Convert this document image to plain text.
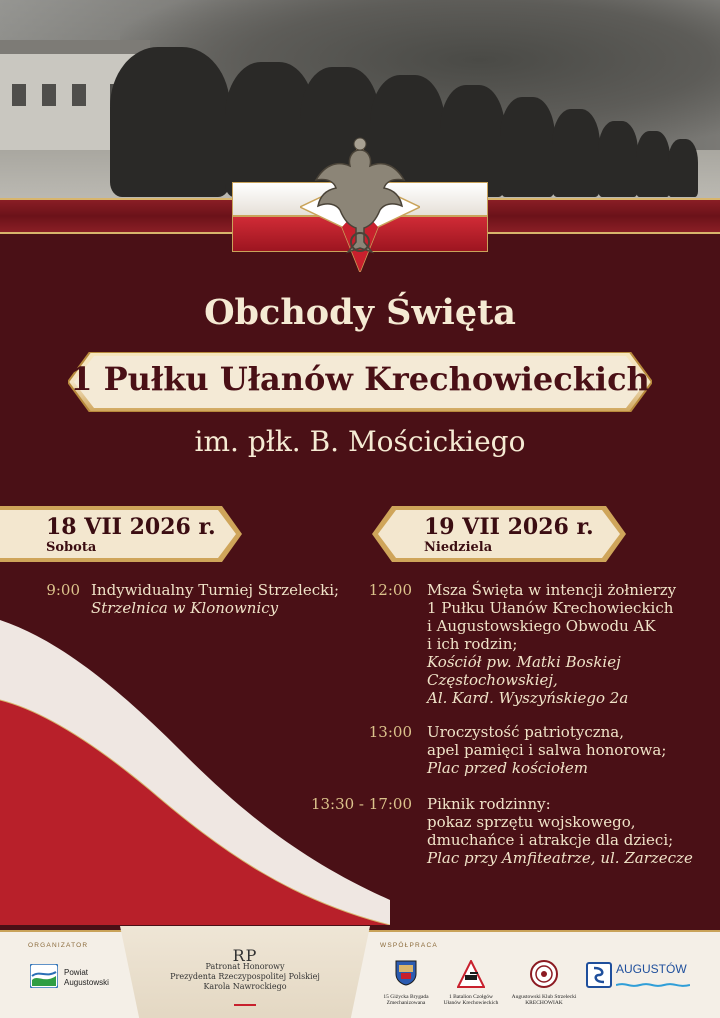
Obchody Święta
1 Pułku Ułanów Krechowieckich
im. płk. B. Mościckiego
18 VII 2026 r.
Sobota
19 VII 2026 r.
Niedziela
9:00 Indywidualny Turniej Strzelecki;
Strzelnica w Klonownicy
12:00 Msza Święta w intencji żołnierzy
1 Pułku Ułanów Krechowieckich
i Augustowskiego Obwodu AK
i ich rodzin;
Kościół pw. Matki Boskiej
Częstochowskiej,
Al. Kard. Wyszyńskiego 2a
13:00 Uroczystość patriotyczna,
apel pamięci i salwa honorowa;
Plac przed kościołem
13:30 - 17:00 Piknik rodzinny:
pokaz sprzętu wojskowego,
dmuchańce i atrakcje dla dzieci;
Plac przy Amfiteatrze, ul. Zarzecze
ORGANIZATOR
Powiat
Augustowski
RP
Patronat Honorowy
Prezydenta Rzeczypospolitej Polskiej
Karola Nawrockiego
WSPÓŁPRACA
15 Giżycka Brygada
Zmechanizowana
1 Batalion Czołgów
Ułanów Krechowieckich
Augustowski Klub Strzelecki
KRECHOWIAK
AUGUSTÓW
